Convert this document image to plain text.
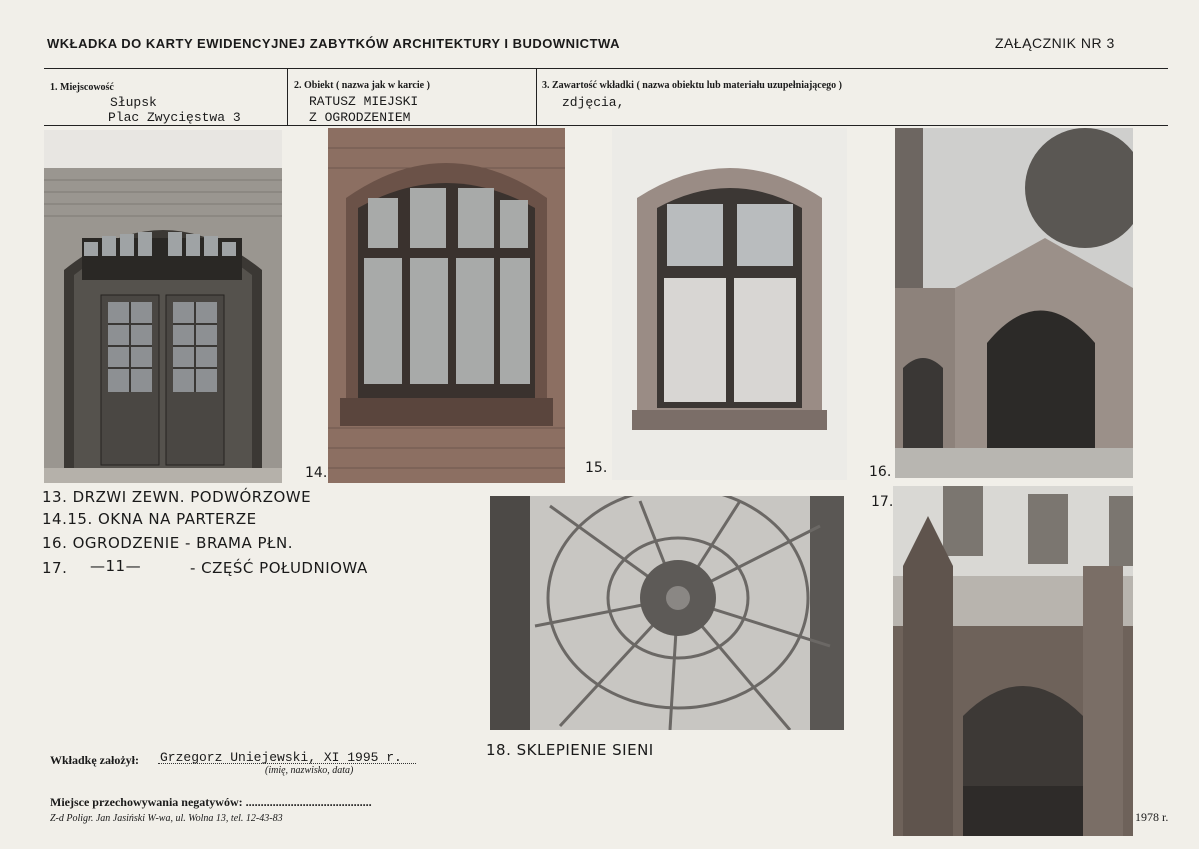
WKŁADKA DO KARTY EWIDENCYJNEJ ZABYTKÓW ARCHITEKTURY I BUDOWNICTWA	ZAŁĄCZNIK NR 3
1. Miejscowość
Słupsk
Plac Zwycięstwa 3
2. Obiekt ( nazwa jak w karcie )
RATUSZ MIEJSKI
Z OGRODZENIEM
3. Zawartość wkładki ( nazwa obiektu lub materiału uzupełniającego )
zdjęcia,
14.	15.	16.
17.
13. DRZWI ZEWN. PODWÓRZOWE
14.15. OKNA NA PARTERZE
16. OGRODZENIE - BRAMA PŁN.
17. —11—	- CZĘŚĆ POŁUDNIOWA
18. SKLEPIENIE SIENI
Wkładkę założył: Grzegorz Uniejewski, XI 1995 r.
(imię, nazwisko, data)
Miejsce przechowywania negatywów: ..........................................
Z-d Poligr. Jan Jasiński W-wa, ul. Wolna 13, tel. 12-43-83	1978 r.
